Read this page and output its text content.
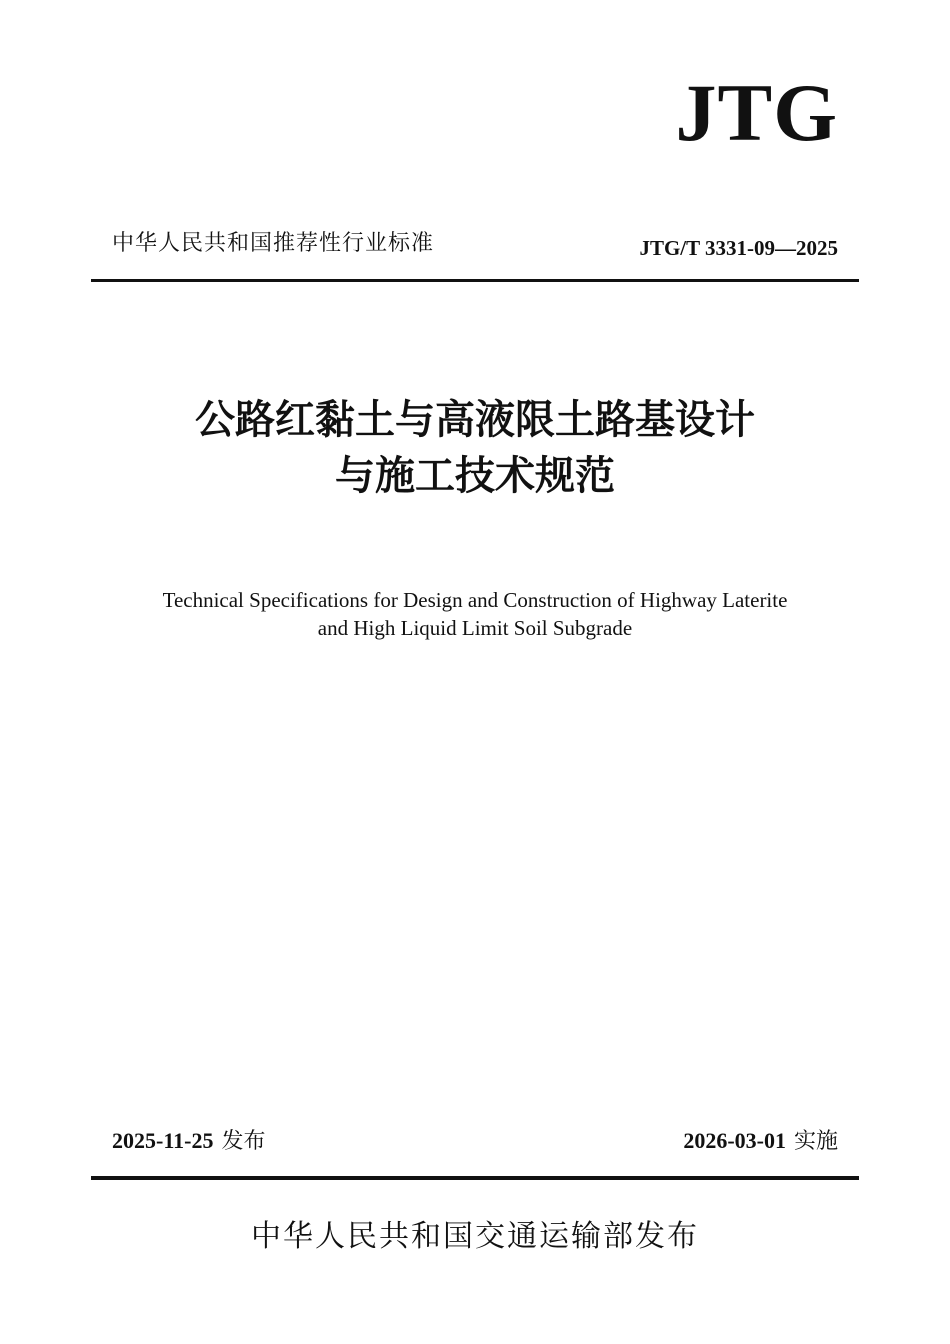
JTG
中华人民共和国推荐性行业标准	JTG/T 3331-09—2025
公路红黏土与高液限土路基设计
与施工技术规范
Technical Specifications for Design and Construction of Highway Laterite
and High Liquid Limit Soil Subgrade
2025-11-25 发布	2026-03-01 实施
中华人民共和国交通运输部发布
